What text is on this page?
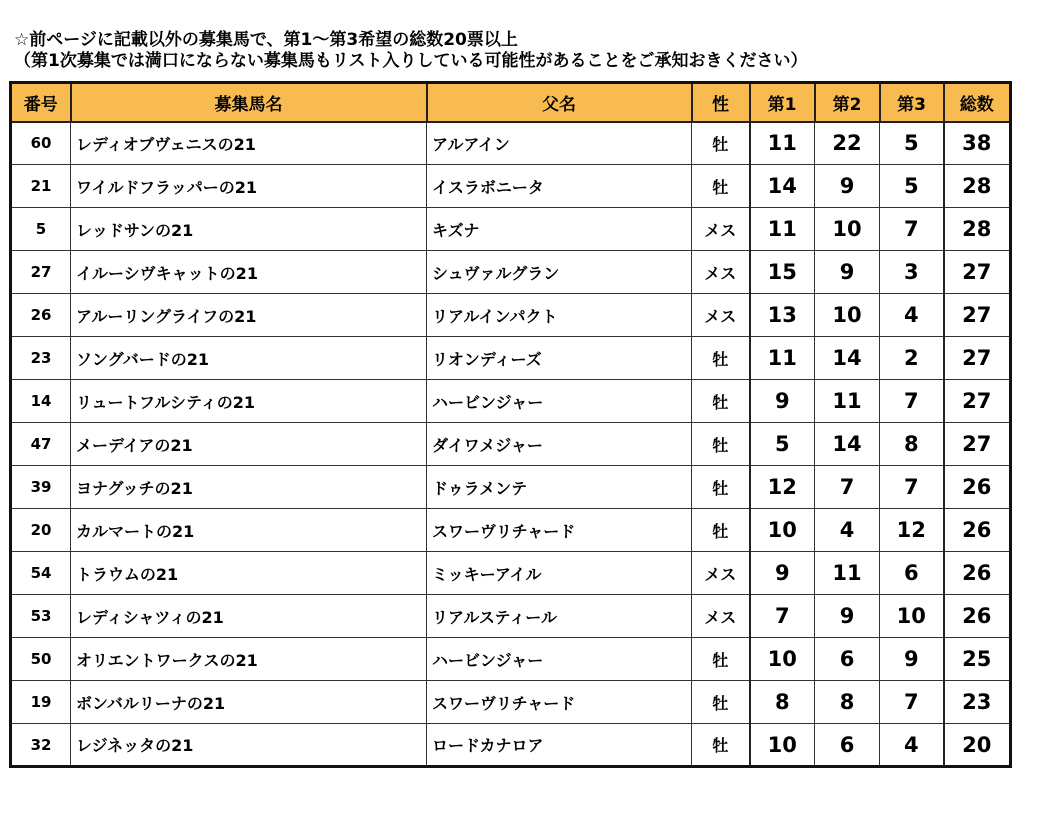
☆前ページに記載以外の募集馬で、第1～第3希望の総数20票以上
（第1次募集では満口にならない募集馬もリスト入りしている可能性があることをご承知おきください）
番号	募集馬名	父名	性	第1	第2	第3	総数
60	レディオブヴェニスの21	アルアイン	牡	11	22	5	38
21	ワイルドフラッパーの21	イスラボニータ	牡	14	9	5	28
5	レッドサンの21	キズナ	メス	11	10	7	28
27	イルーシヴキャットの21	シュヴァルグラン	メス	15	9	3	27
26	アルーリングライフの21	リアルインパクト	メス	13	10	4	27
23	ソングバードの21	リオンディーズ	牡	11	14	2	27
14	リュートフルシティの21	ハービンジャー	牡	9	11	7	27
47	メーデイアの21	ダイワメジャー	牡	5	14	8	27
39	ヨナグッチの21	ドゥラメンテ	牡	12	7	7	26
20	カルマートの21	スワーヴリチャード	牡	10	4	12	26
54	トラウムの21	ミッキーアイル	メス	9	11	6	26
53	レディシャツィの21	リアルスティール	メス	7	9	10	26
50	オリエントワークスの21	ハービンジャー	牡	10	6	9	25
19	ボンバルリーナの21	スワーヴリチャード	牡	8	8	7	23
32	レジネッタの21	ロードカナロア	牡	10	6	4	20
